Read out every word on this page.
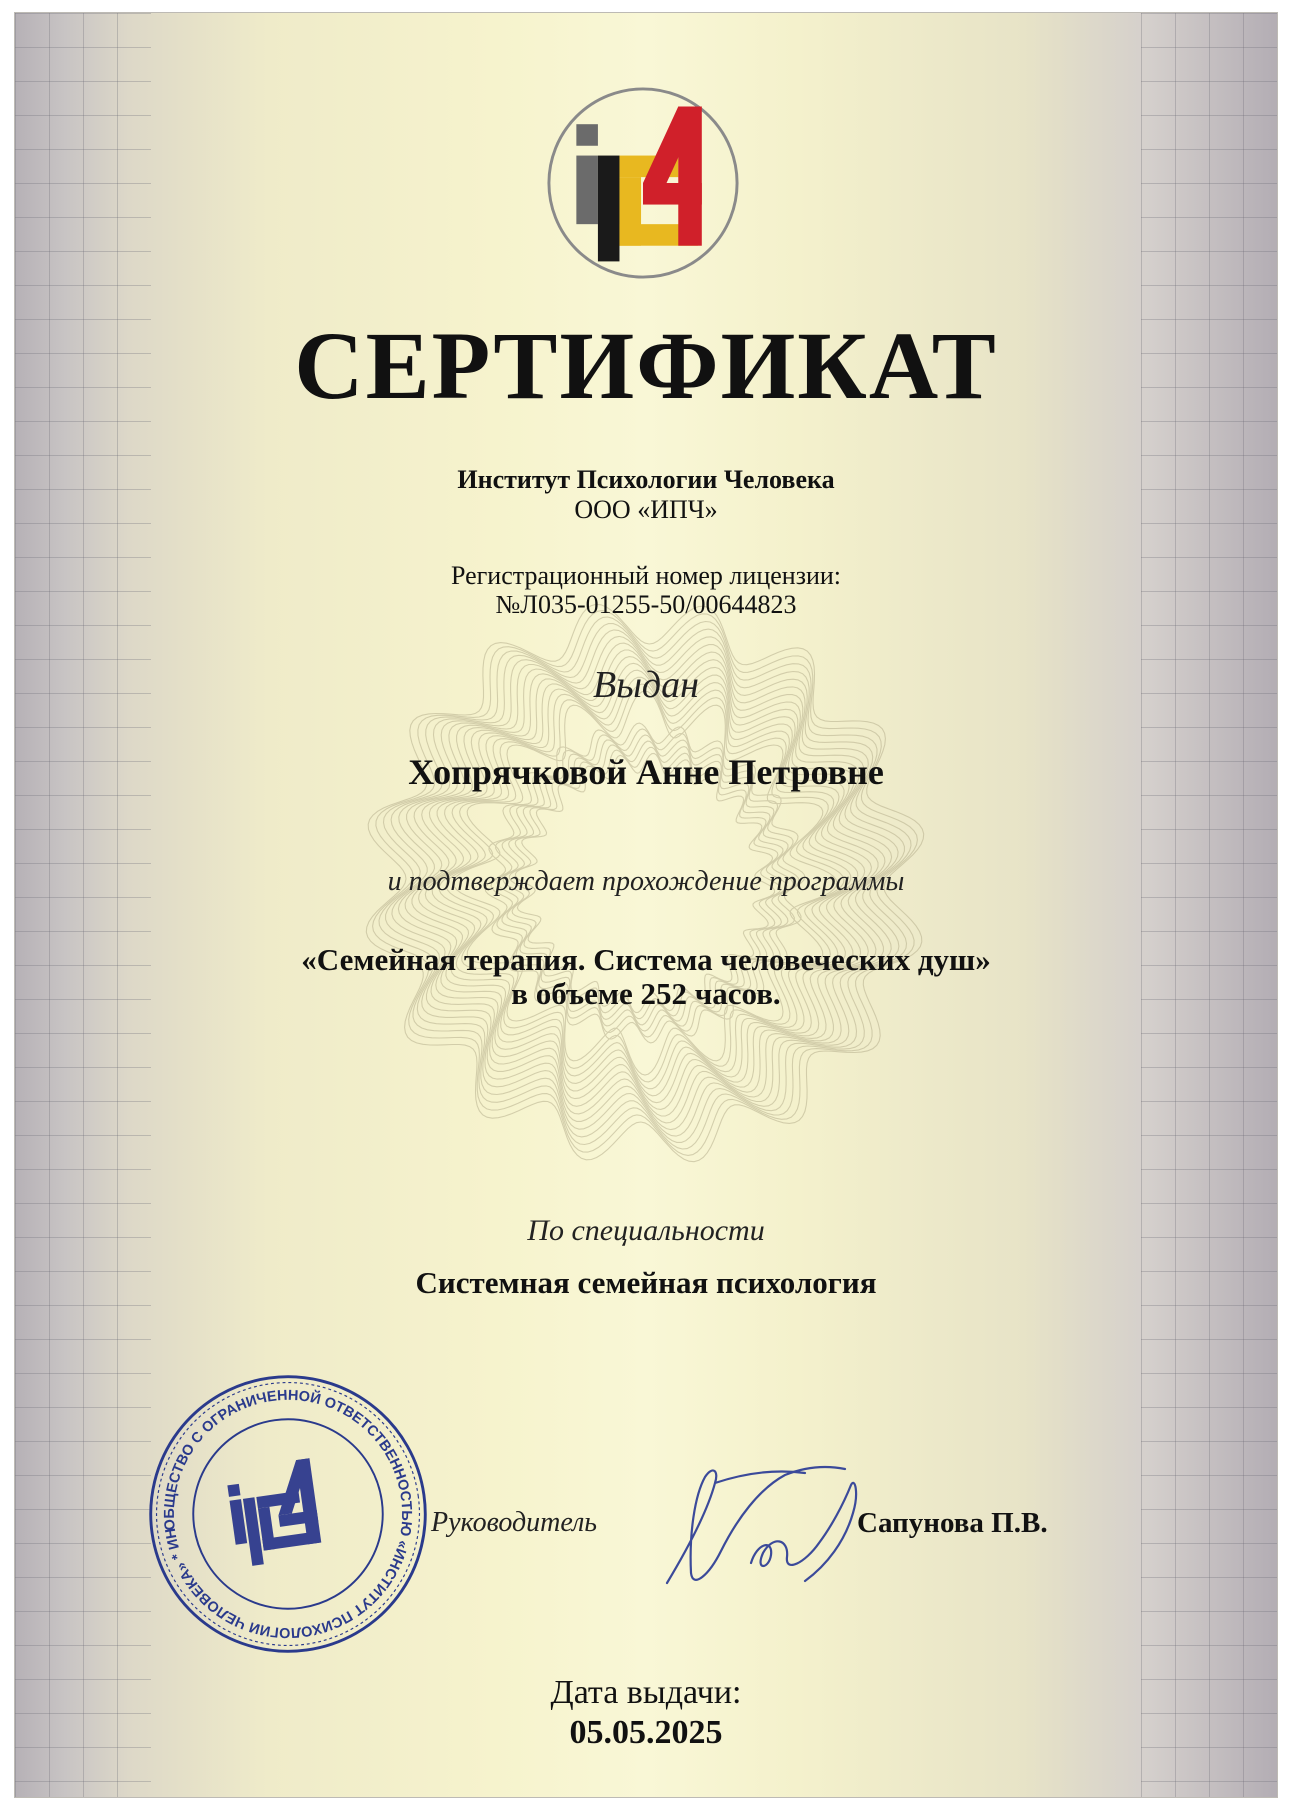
СЕРТИФИКАТ

Институт Психологии Человека

ООО «ИПЧ»

Регистрационный номер лицензии:

№Л035-01255-50/00644823

Выдан

Хопрячковой Анне Петровне

и подтверждает прохождение программы

«Семейная терапия. Система человеческих душ»

в объеме 252 часов.

По специальности

Системная семейная психология

ОБЩЕСТВО С ОГРАНИЧЕННОЙ ОТВЕТСТВЕННОСТЬЮ «ИНСТИТУТ ПСИХОЛОГИИ ЧЕЛОВЕКА» * ИНН

Руководитель	Сапунова П.В.

Дата выдачи:

05.05.2025
